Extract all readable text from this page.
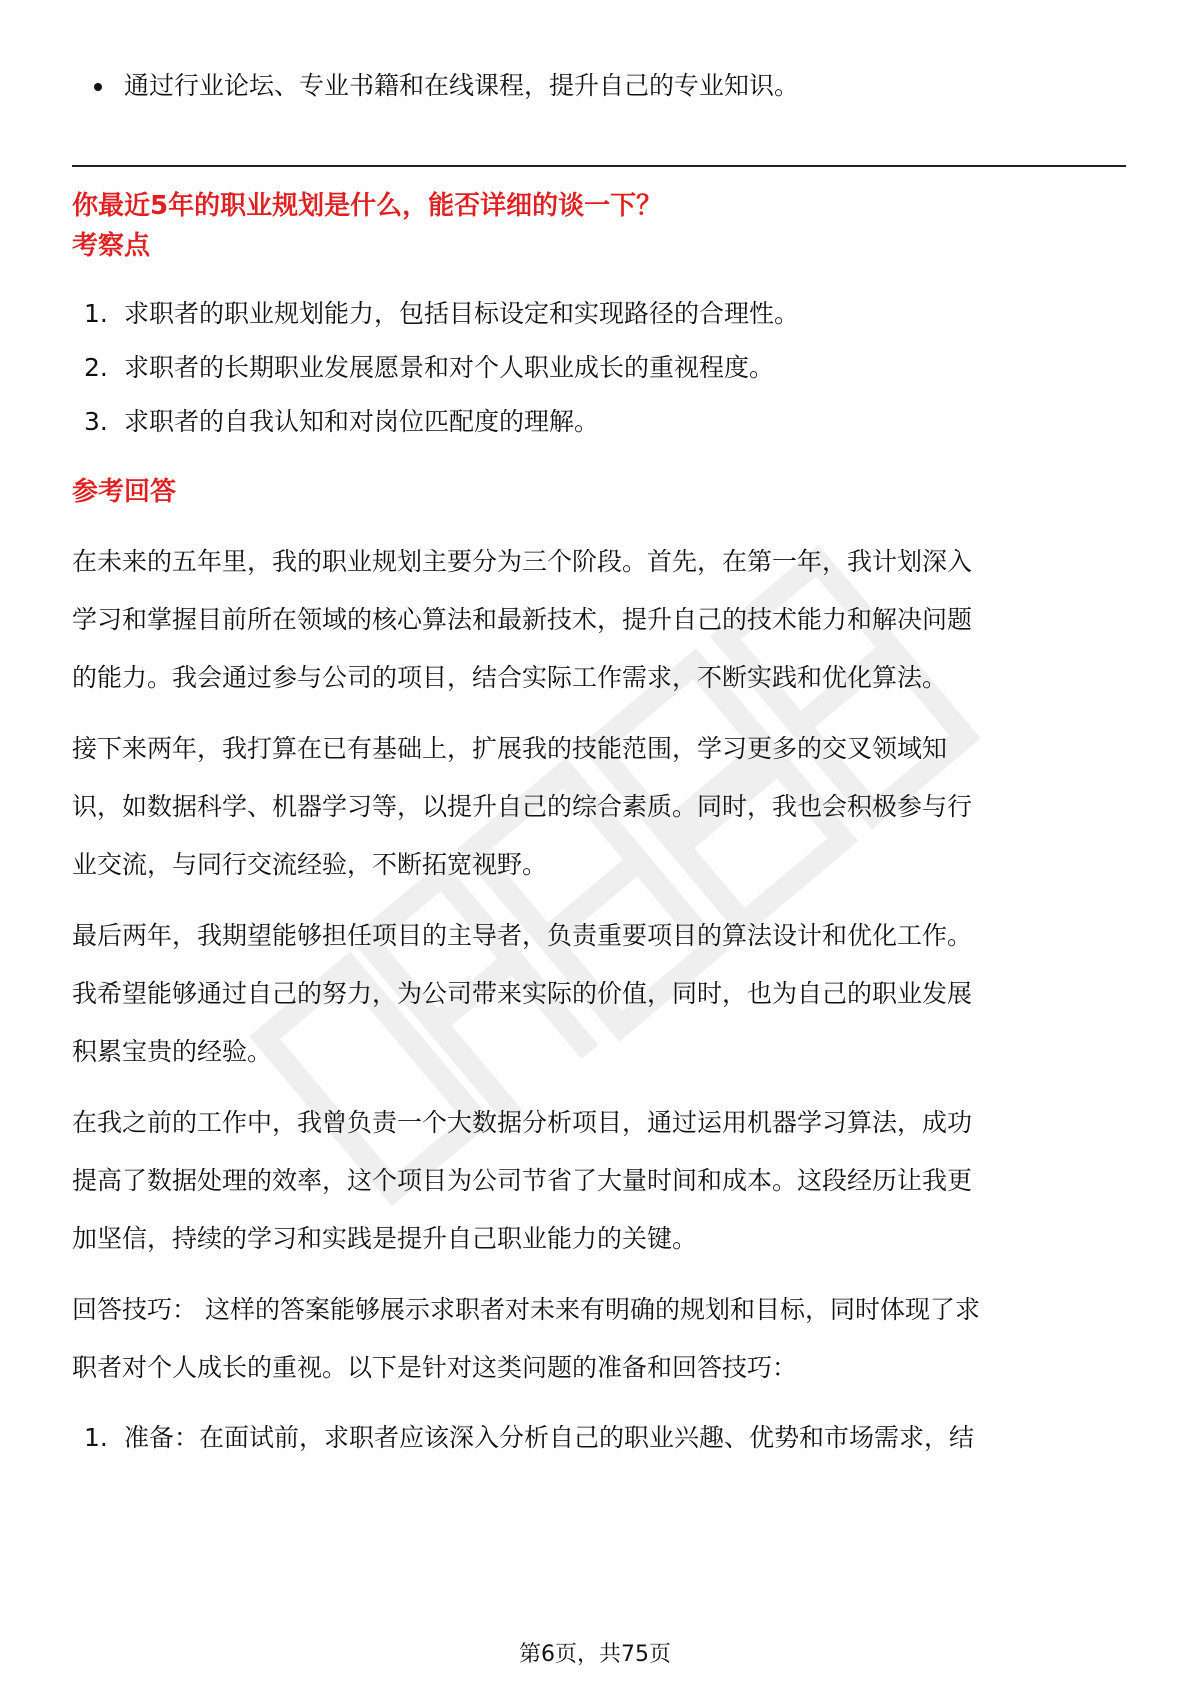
通过行业论坛、专业书籍和在线课程，提升自己的专业知识。
你最近5年的职业规划是什么，能否详细的谈一下？
考察点
1. 求职者的职业规划能力，包括目标设定和实现路径的合理性。
2. 求职者的长期职业发展愿景和对个人职业成长的重视程度。
3. 求职者的自我认知和对岗位匹配度的理解。
参考回答
在未来的五年里，我的职业规划主要分为三个阶段。首先，在第一年，我计划深入
学习和掌握目前所在领域的核心算法和最新技术，提升自己的技术能力和解决问题
的能力。我会通过参与公司的项目，结合实际工作需求，不断实践和优化算法。
接下来两年，我打算在已有基础上，扩展我的技能范围，学习更多的交叉领域知
识，如数据科学、机器学习等，以提升自己的综合素质。同时，我也会积极参与行
业交流，与同行交流经验，不断拓宽视野。
最后两年，我期望能够担任项目的主导者，负责重要项目的算法设计和优化工作。
我希望能够通过自己的努力，为公司带来实际的价值，同时，也为自己的职业发展
积累宝贵的经验。
在我之前的工作中，我曾负责一个大数据分析项目，通过运用机器学习算法，成功
提高了数据处理的效率，这个项目为公司节省了大量时间和成本。这段经历让我更
加坚信，持续的学习和实践是提升自己职业能力的关键。
回答技巧： 这样的答案能够展示求职者对未来有明确的规划和目标，同时体现了求
职者对个人成长的重视。以下是针对这类问题的准备和回答技巧：
1. 准备：在面试前，求职者应该深入分析自己的职业兴趣、优势和市场需求，结
第6页，共75页
